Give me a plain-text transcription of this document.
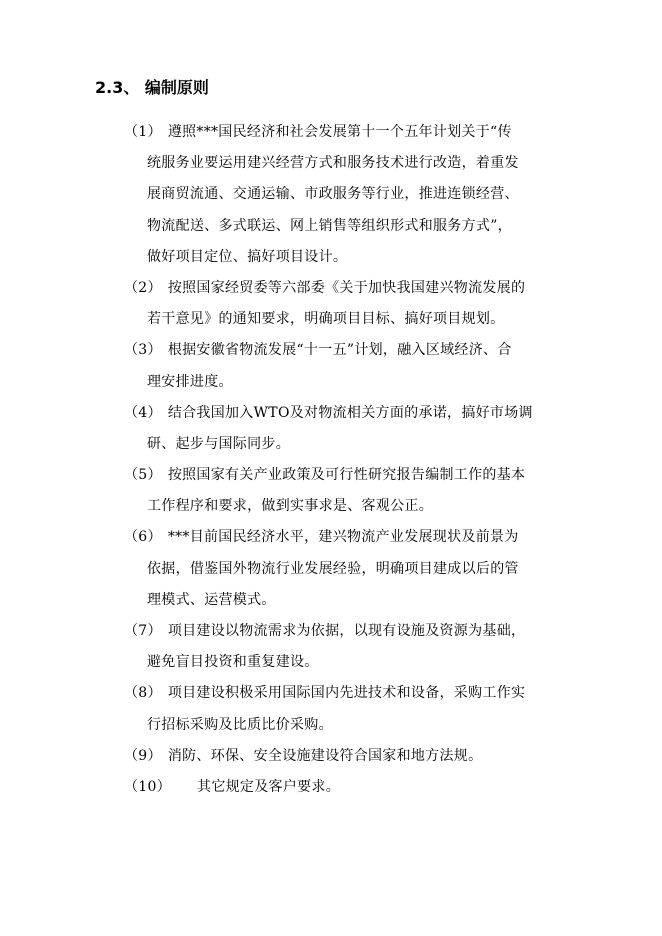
2.3、 编制原则
（1） 遵照***国民经济和社会发展第十一个五年计划关于“传
统服务业要运用建兴经营方式和服务技术进行改造，着重发
展商贸流通、交通运输、市政服务等行业，推进连锁经营、
物流配送、多式联运、网上销售等组织形式和服务方式”，
做好项目定位、搞好项目设计。
（2） 按照国家经贸委等六部委《关于加快我国建兴物流发展的
若干意见》的通知要求，明确项目目标、搞好项目规划。
（3） 根据安徽省物流发展“十一五”计划，融入区域经济、合
理安排进度。
（4） 结合我国加入WTO及对物流相关方面的承诺，搞好市场调
研、起步与国际同步。
（5） 按照国家有关产业政策及可行性研究报告编制工作的基本
工作程序和要求，做到实事求是、客观公正。
（6） ***目前国民经济水平，建兴物流产业发展现状及前景为
依据，借鉴国外物流行业发展经验，明确项目建成以后的管
理模式、运营模式。
（7） 项目建设以物流需求为依据，以现有设施及资源为基础，
避免盲目投资和重复建设。
（8） 项目建设积极采用国际国内先进技术和设备，采购工作实
行招标采购及比质比价采购。
（9） 消防、环保、安全设施建设符合国家和地方法规。
（10） 其它规定及客户要求。
